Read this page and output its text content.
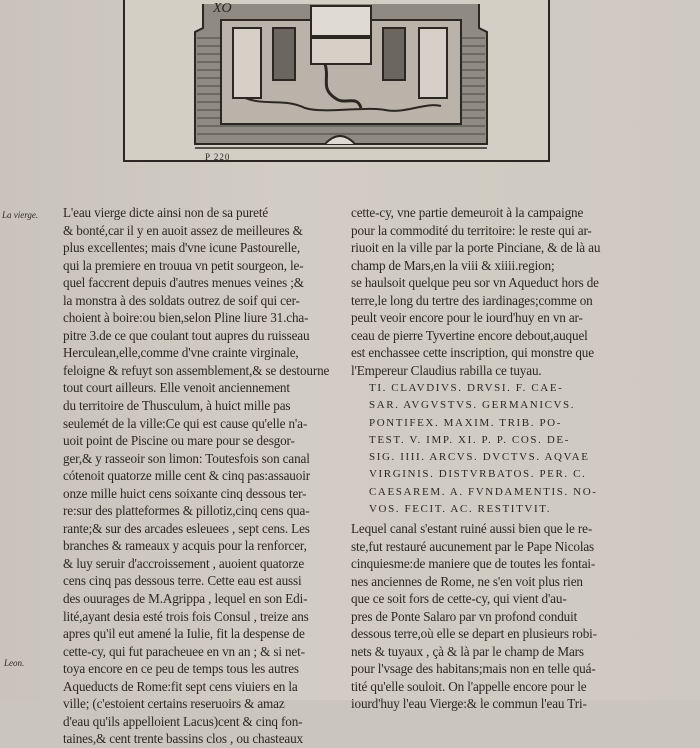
XO
P 220
La vierge.
Leon.
L'eau vierge dicte ainsi non de sa pureté
& bonté,car il y en auoit assez de meilleures &
plus excellentes; mais d'vne icune Pastourelle,
qui la premiere en trouua vn petit sourgeon, le-
quel faccrent depuis d'autres menues veines ;&
la monstra à des soldats outrez de soif qui cer-
choient à boire:ou bien,selon Pline liure 31.cha-
pitre 3.de ce que coulant tout aupres du ruisseau
Herculean,elle,comme d'vne crainte virginale,
feloigne & refuyt son assemblement,& se destourne
tout court ailleurs. Elle venoit anciennement
du territoire de Thusculum, à huict mille pas
seulemét de la ville:Ce qui est cause qu'elle n'a-
uoit point de Piscine ou mare pour se desgor-
ger,& y rasseoir son limon: Toutesfois son canal
cótenoit quatorze mille cent & cinq pas:assauoir
onze mille huict cens soixante cinq dessous ter-
re:sur des platteformes & pillotiz,cinq cens qua-
rante;& sur des arcades esleuees , sept cens. Les
branches & rameaux y acquis pour la renforcer,
& luy seruir d'accroissement , auoient quatorze
cens cinq pas dessous terre. Cette eau est aussi
des ouurages de M.Agrippa , lequel en son Edi-
lité,ayant desia esté trois fois Consul , treize ans
apres qu'il eut amené la Iulie, fit la despense de
cette-cy, qui fut paracheuee en vn an ; & si net-
toya encore en ce peu de temps tous les autres
Aqueducts de Rome:fit sept cens viuiers en la
ville; (c'estoient certains reseruoirs & amaz
d'eau qu'ils appelloient Lacus)cent & cinq fon-
taines,& cent trente bassins clos , ou chasteaux
cette-cy, vne partie demeuroit à la campaigne
pour la commodité du territoire: le reste qui ar-
riuoit en la ville par la porte Pinciane, & de là au
champ de Mars,en la viii & xiiii.region;
se haulsoit quelque peu sor vn Aqueduct hors de
terre,le long du tertre des iardinages;comme on
peult veoir encore pour le iourd'huy en vn ar-
ceau de pierre Tyvertine encore debout,auquel
est enchassee cette inscription, qui monstre que
l'Empereur Claudius rabilla ce tuyau.
TI. CLAVDIVS. DRVSI. F. CAE-
SAR. AVGVSTVS. GERMANICVS.
PONTIFEX. MAXIM. TRIB. PO-
TEST. V. IMP. XI. P. P. COS. DE-
SIG. IIII. ARCVS. DVCTVS. AQVAE
VIRGINIS. DISTVRBATOS. PER. C.
CAESAREM. A. FVNDAMENTIS. NO-
VOS. FECIT. AC. RESTITVIT.
Lequel canal s'estant ruiné aussi bien que le re-
ste,fut restauré aucunement par le Pape Nicolas
cinquiesme:de maniere que de toutes les fontai-
nes anciennes de Rome, ne s'en voit plus rien
que ce soit fors de cette-cy, qui vient d'au-
pres de Ponte Salaro par vn profond conduit
dessous terre,où elle se depart en plusieurs robi-
nets & tuyaux , çà & là par le champ de Mars
pour l'vsage des habitans;mais non en telle quá-
tité qu'elle souloit. On l'appelle encore pour le
iourd'huy l'eau Vierge:& le commun l'eau Tri-
